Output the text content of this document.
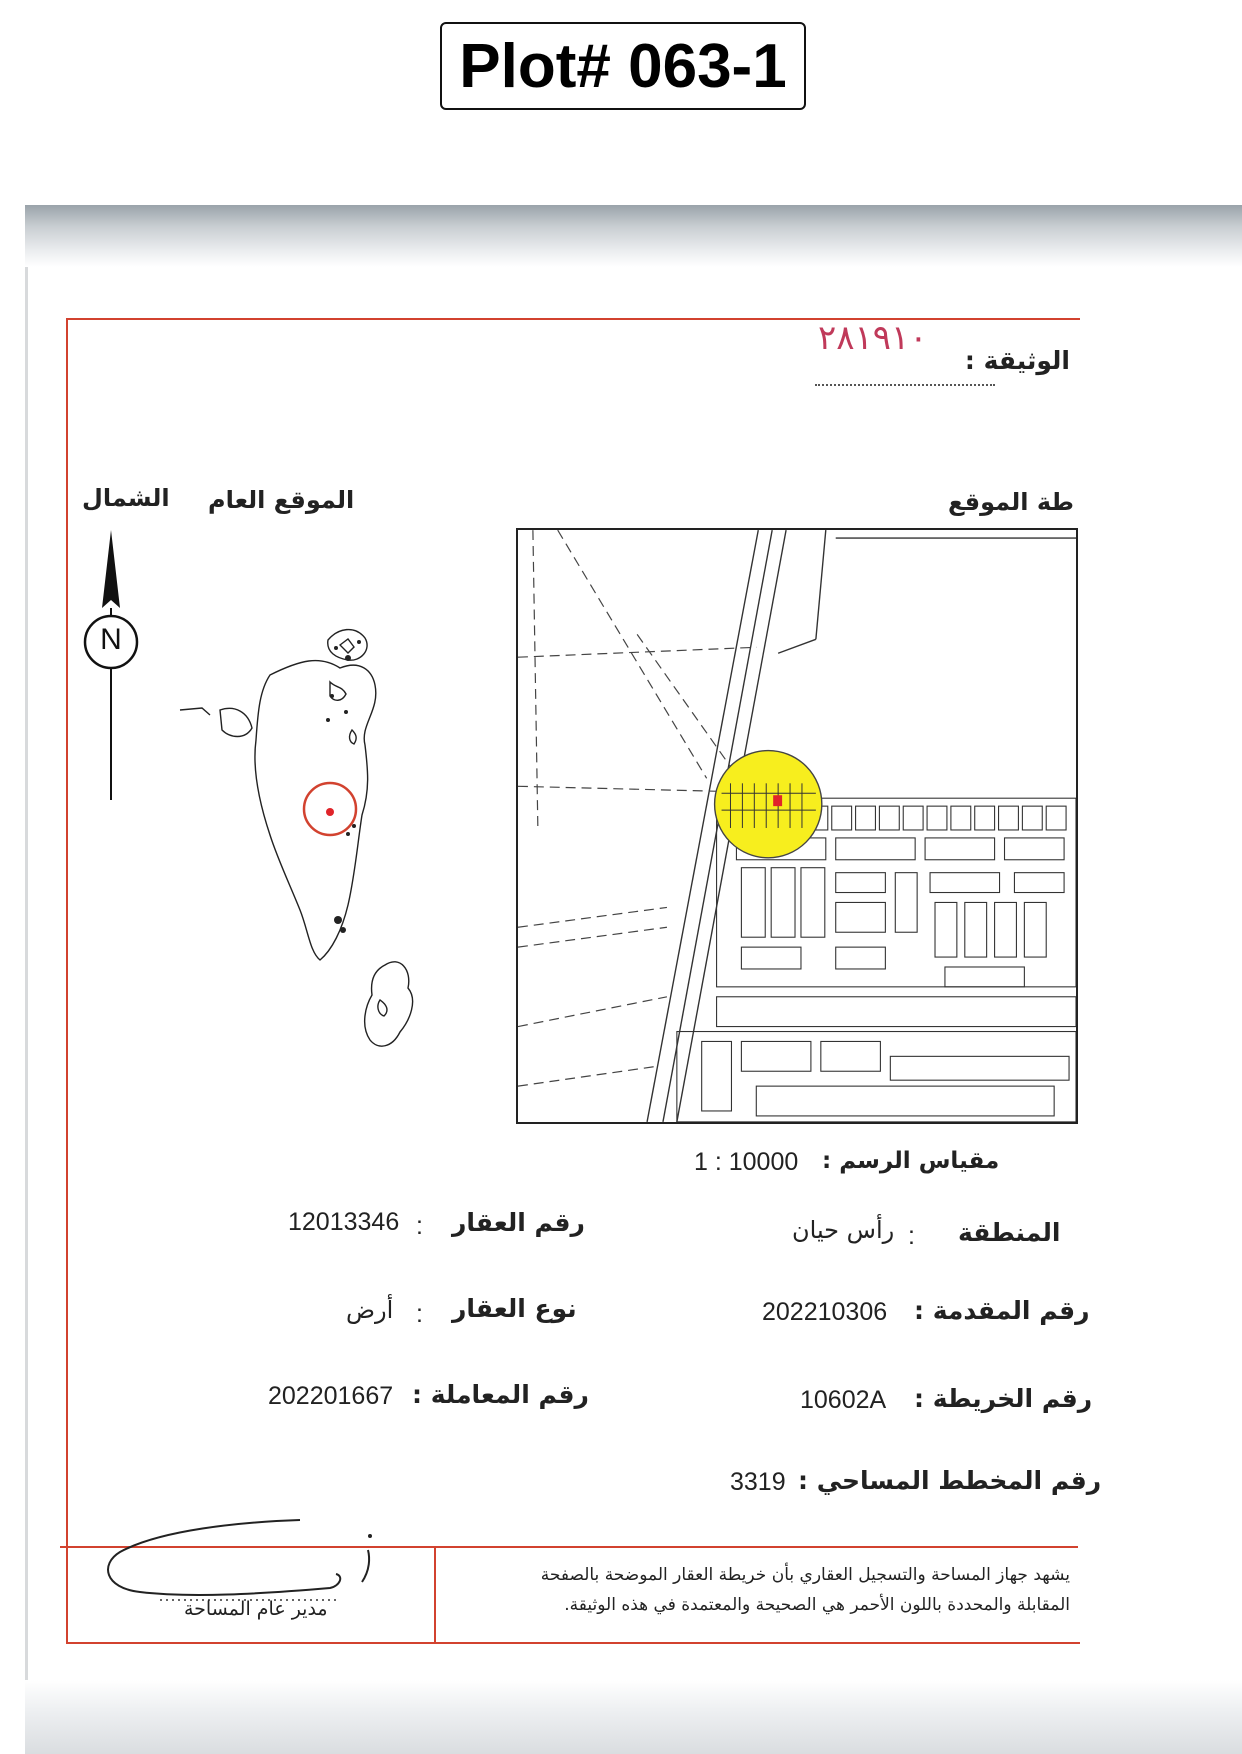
Plot# 063-1
الوثيقة :
٢٨١٩١٠
طة الموقع
الموقع العام
الشمال
N
مقياس الرسم :
1 : 10000
المنطقة
:
رأس حيان
رقم العقار
:
12013346
رقم المقدمة :
202210306
نوع العقار
:
أرض
رقم الخريطة :
10602A
رقم المعاملة :
202201667
رقم المخطط المساحي :
3319
يشهد جهاز المساحة والتسجيل العقاري بأن خريطة العقار الموضحة بالصفحة
المقابلة والمحددة باللون الأحمر هي الصحيحة والمعتمدة في هذه الوثيقة.
مدير عام المساحة
